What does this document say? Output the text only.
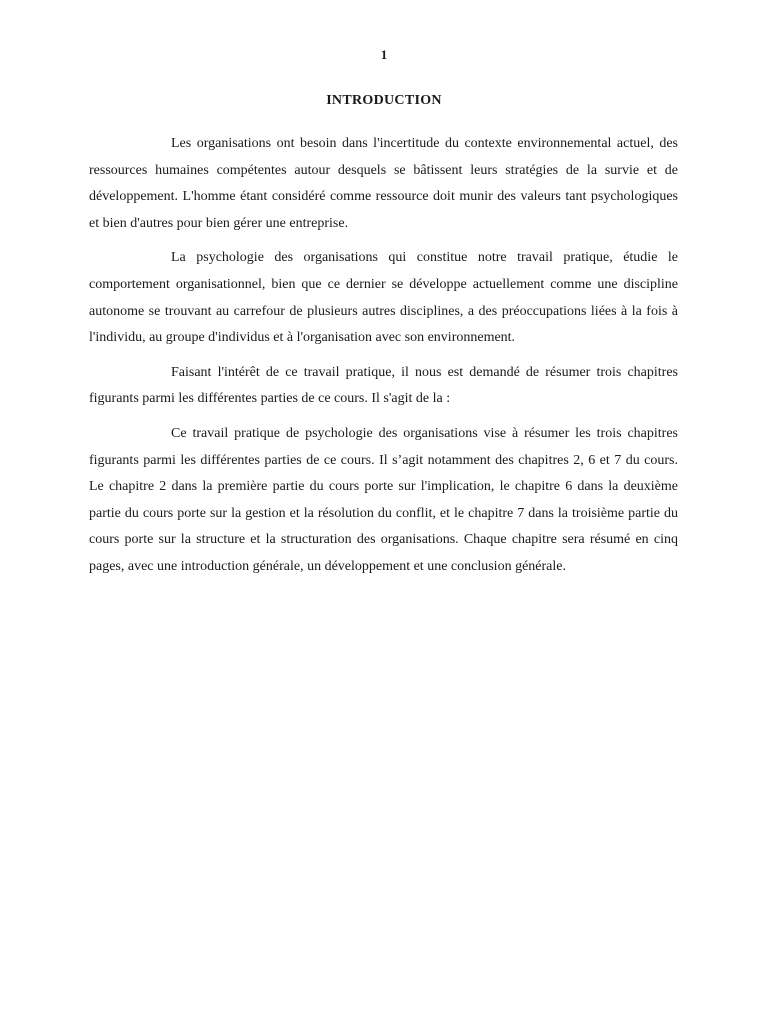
1
INTRODUCTION

Les organisations ont besoin dans l'incertitude du contexte environnemental actuel, des ressources humaines compétentes autour desquels se bâtissent leurs stratégies de la survie et de développement. L'homme étant considéré comme ressource doit munir des valeurs tant psychologiques et bien d'autres pour bien gérer une entreprise.

La psychologie des organisations qui constitue notre travail pratique, étudie le comportement organisationnel, bien que ce dernier se développe actuellement comme une discipline autonome se trouvant au carrefour de plusieurs autres disciplines, a des préoccupations liées à la fois à l'individu, au groupe d'individus et à l'organisation avec son environnement.

Faisant l'intérêt de ce travail pratique, il nous est demandé de résumer trois chapitres figurants parmi les différentes parties de ce cours. Il s'agit de la :

Ce travail pratique de psychologie des organisations vise à résumer les trois chapitres figurants parmi les différentes parties de ce cours. Il s’agit notamment des chapitres 2, 6 et 7 du cours. Le chapitre 2 dans la première partie du cours porte sur l'implication, le chapitre 6 dans la deuxième partie du cours porte sur la gestion et la résolution du conflit, et le chapitre 7 dans la troisième partie du cours porte sur la structure et la structuration des organisations. Chaque chapitre sera résumé en cinq pages, avec une introduction générale, un développement et une conclusion générale.
